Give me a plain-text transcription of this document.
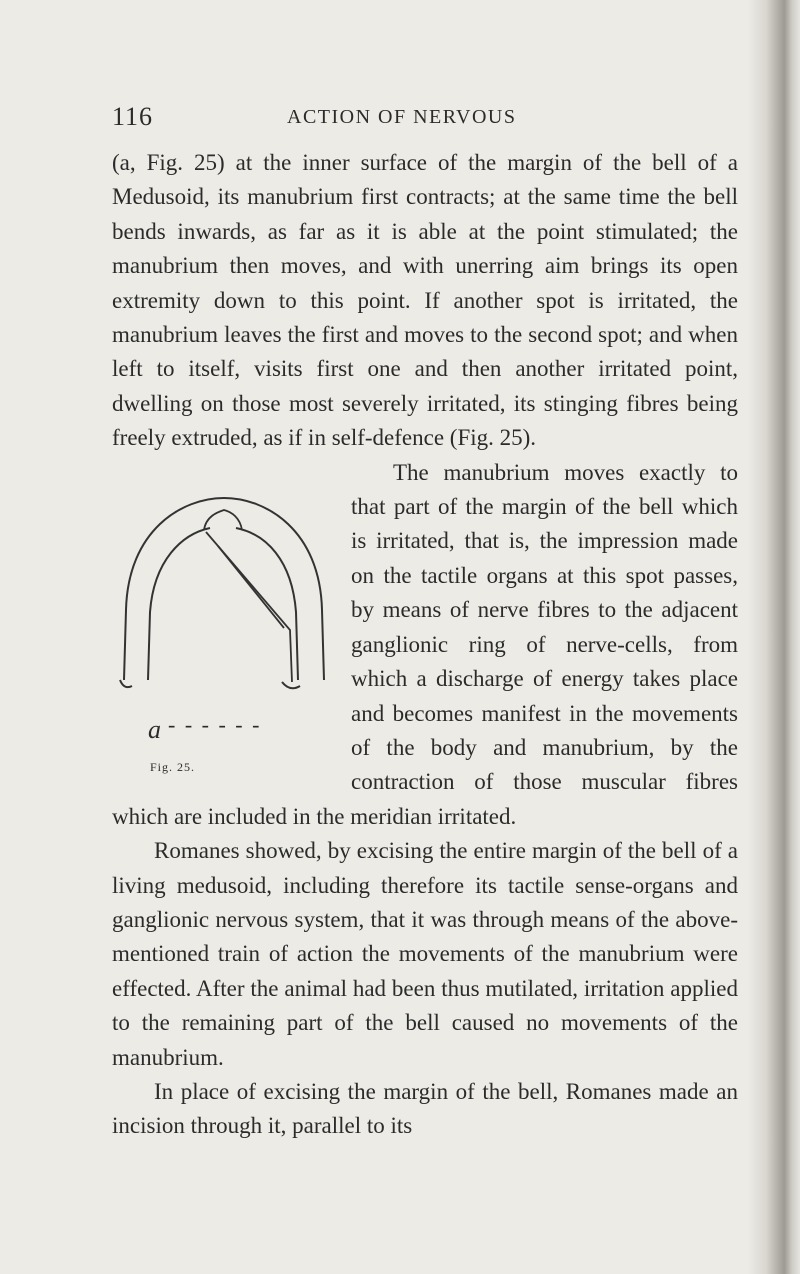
116	ACTION OF NERVOUS

(a, Fig. 25) at the inner surface of the margin of the bell of a Medusoid, its manubrium first contracts; at the same time the bell bends inwards, as far as it is able at the point stimulated; the manubrium then moves, and with unerring aim brings its open extremity down to this point. If another spot is irritated, the manubrium leaves the first and moves to the second spot; and when left to itself, visits first one and then another irritated point, dwelling on those most severely irritated, its stinging fibres being freely extruded, as if in self-defence (Fig. 25).

a - - - - - -
Fig. 25.

The manubrium moves exactly to that part of the margin of the bell which is irritated, that is, the impression made on the tactile organs at this spot passes, by means of nerve fibres to the adjacent ganglionic ring of nerve-cells, from which a discharge of energy takes place and becomes manifest in the movements of the body and manubrium, by the contraction of those muscular fibres which are included in the meridian irritated.

Romanes showed, by excising the entire margin of the bell of a living medusoid, including therefore its tactile sense-organs and ganglionic nervous system, that it was through means of the above-mentioned train of action the movements of the manubrium were effected. After the animal had been thus mutilated, irritation applied to the remaining part of the bell caused no movements of the manubrium.

In place of excising the margin of the bell, Romanes made an incision through it, parallel to its
